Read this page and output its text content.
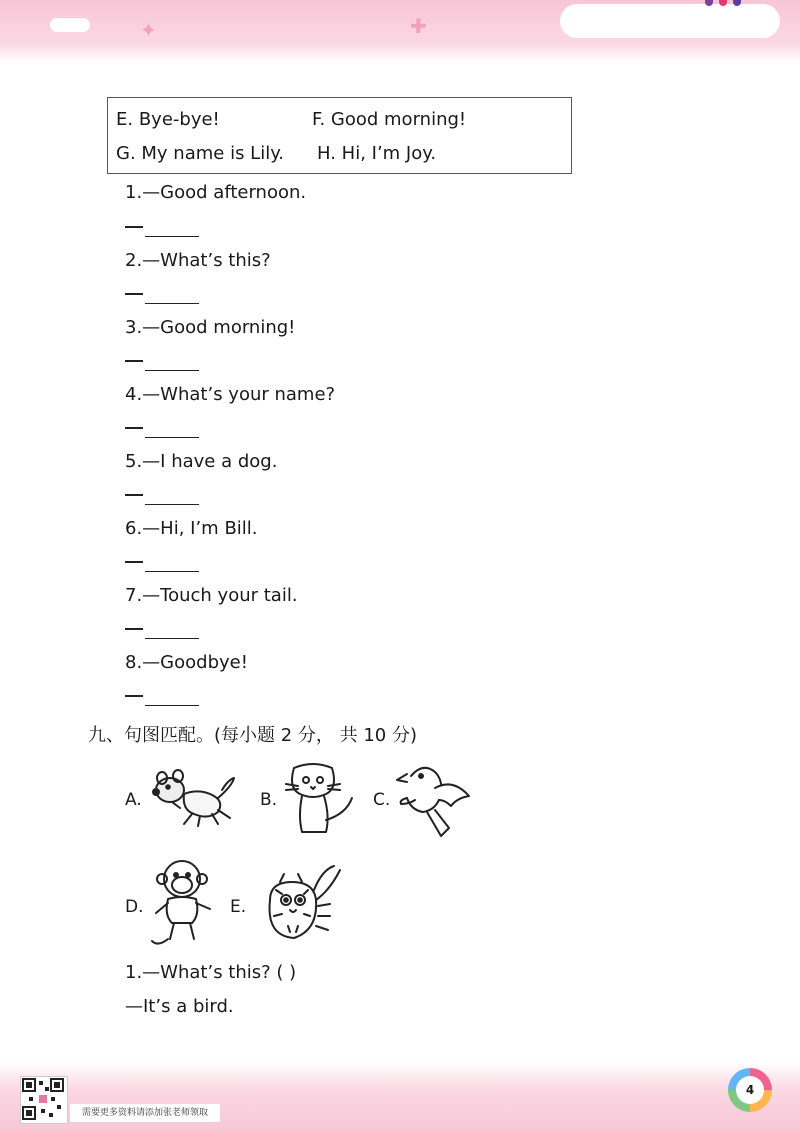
✦	✚
E. Bye-bye!	F. Good morning!
G. My name is Lily. H. Hi, I’m Joy.
1.—Good afternoon.
2.—What’s this?
3.—Good morning!
4.—What’s your name?
5.—I have a dog.
6.—Hi, I’m Bill.
7.—Touch your tail.
8.—Goodbye!
九、句图匹配。(每小题 2 分， 共 10 分)
A.	B.	C.
D.	E.
1.—What’s this? ( )
—It’s a bird.
需要更多资料请添加张老师领取
4
